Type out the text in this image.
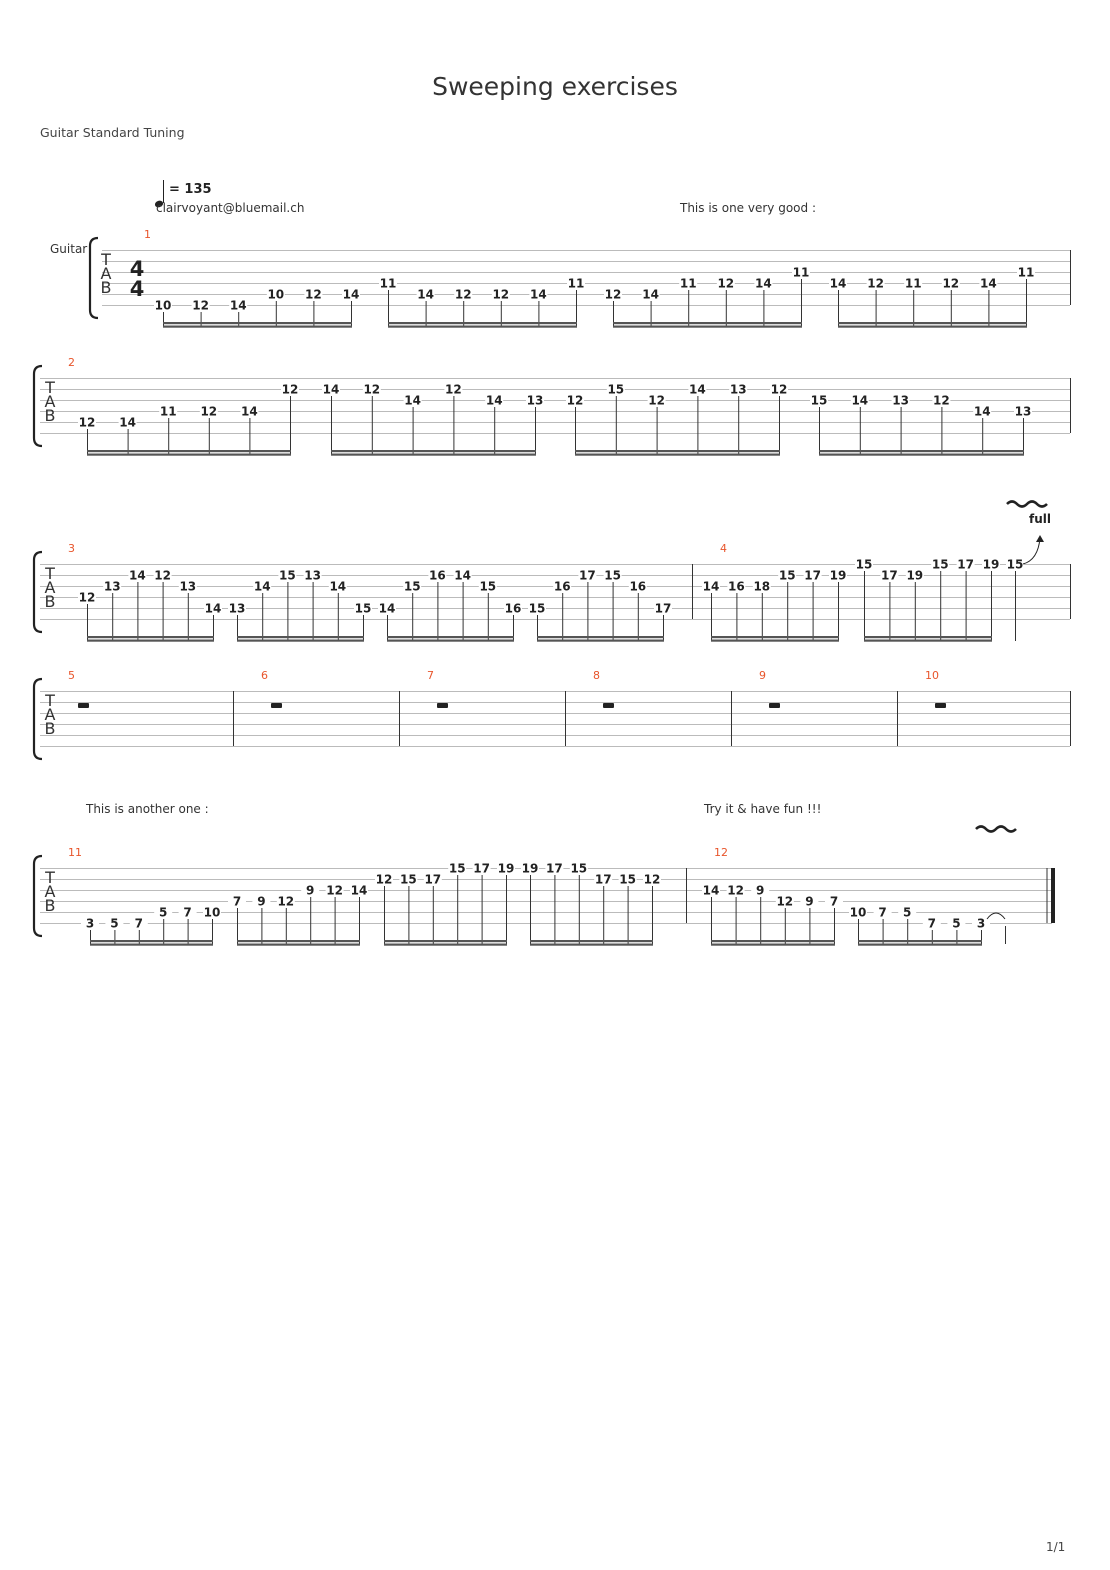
Sweeping exercises
Guitar Standard Tuning
1/1
= 135
clairvoyant@bluemail.ch	This is one very good :
This is another one :	Try it & have fun !!!
Guitar
T
A
B
4
4
1
10 12 14
10 12 14
11
14 12 12 14
11
12 14
11 12 14
11
14 12 11 12 14
11
T
A
B
2
12 14
11 12 14
12 14 12
14
12
14 13 12
15
12
14 13 12
15 14 13 12
14 13
T
A
B
3
12
13
14 12
13
14 13
14
15 13
14
15 14
15
16 14
15
16 15
16
17 15
16
17
4
14 16 18
15 17 19
15
17 19
15 17 19 15
T
A
B
5	6	7	8	9	10
T
A
B
11
3 5 7
5 7 10
7 9 12
9 12 14
12 15 17
15 17 19 19 17 15
17 15 12
12
14 12 9
12 9 7
10 7 5
7 5 3
full
